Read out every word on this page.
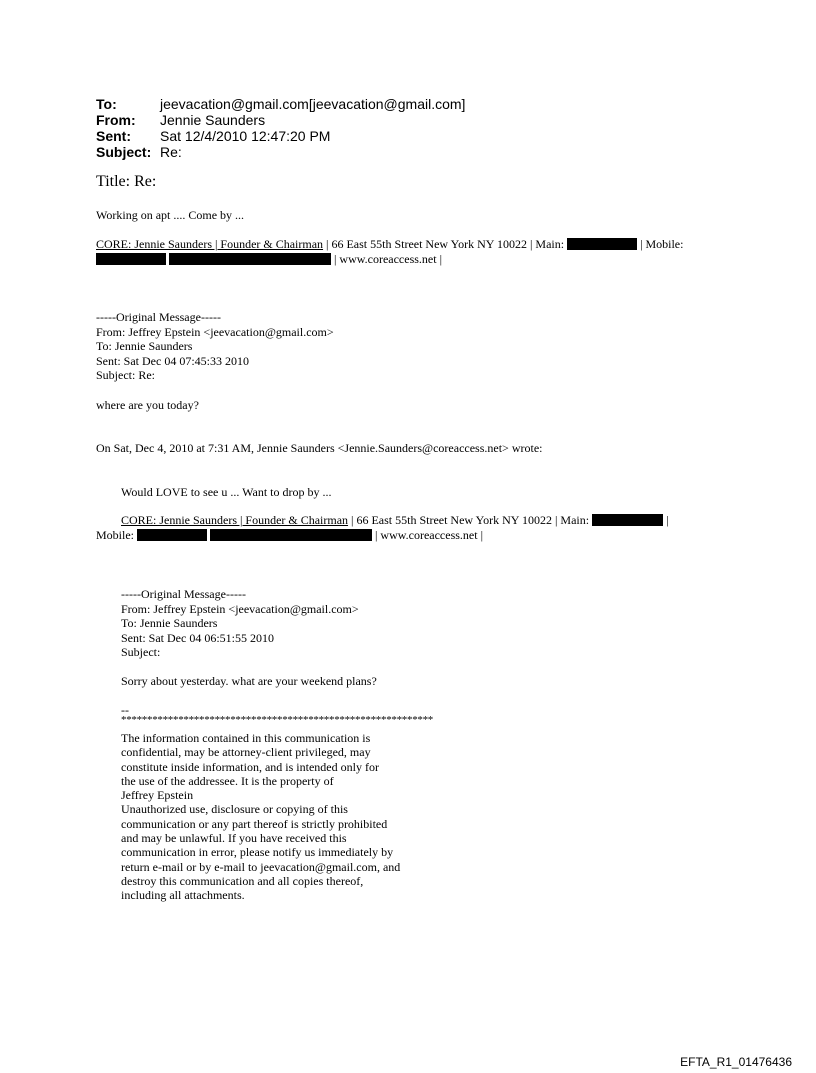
To:	jeevacation@gmail.com[jeevacation@gmail.com]
From:	Jennie Saunders
Sent:	Sat 12/4/2010 12:47:20 PM
Subject: Re:
Title: Re:
Working on apt .... Come by ...
CORE: Jennie Saunders | Founder & Chairman | 66 East 55th Street New York NY 10022 | Main:	| Mobile:
| www.coreaccess.net |
-----Original Message-----
From: Jeffrey Epstein <jeevacation@gmail.com>
To: Jennie Saunders
Sent: Sat Dec 04 07:45:33 2010
Subject: Re:
where are you today?
On Sat, Dec 4, 2010 at 7:31 AM, Jennie Saunders <Jennie.Saunders@coreaccess.net> wrote:
Would LOVE to see u ... Want to drop by ...
CORE: Jennie Saunders | Founder & Chairman | 66 East 55th Street New York NY 10022 | Main:	|
Mobile:	| www.coreaccess.net |
-----Original Message-----
From: Jeffrey Epstein <jeevacation@gmail.com>
To: Jennie Saunders
Sent: Sat Dec 04 06:51:55 2010
Subject:
Sorry about yesterday. what are your weekend plans?
--
************************************************************
The information contained in this communication is
confidential, may be attorney-client privileged, may
constitute inside information, and is intended only for
the use of the addressee. It is the property of
Jeffrey Epstein
Unauthorized use, disclosure or copying of this
communication or any part thereof is strictly prohibited
and may be unlawful. If you have received this
communication in error, please notify us immediately by
return e-mail or by e-mail to jeevacation@gmail.com, and
destroy this communication and all copies thereof,
including all attachments.
EFTA_R1_01476436
